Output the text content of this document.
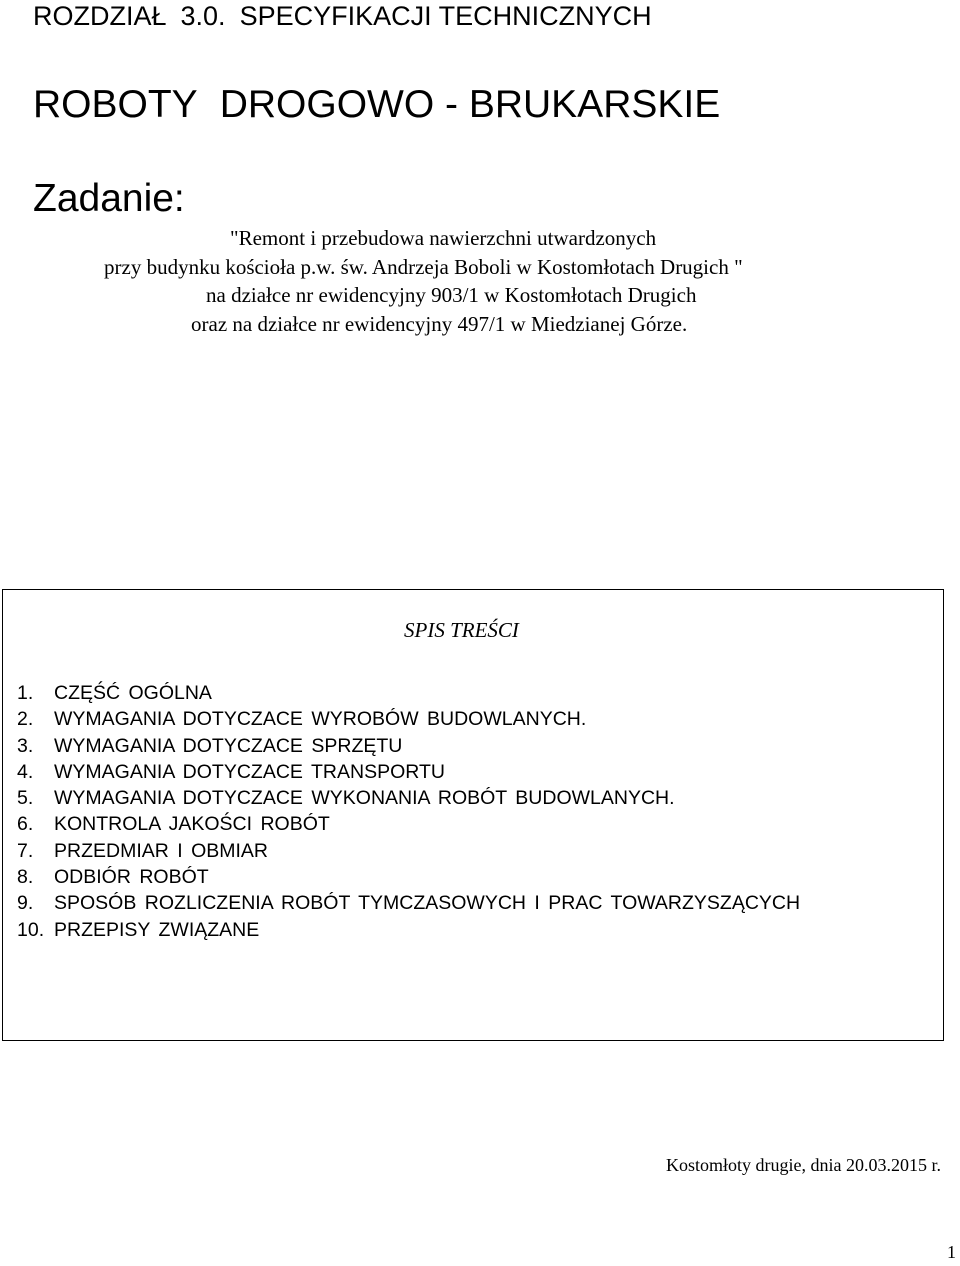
ROZDZIAŁ 3.0. SPECYFIKACJI TECHNICZNYCH
ROBOTY DROGOWO - BRUKARSKIE
Zadanie:
"Remont i przebudowa nawierzchni utwardzonych
przy budynku kościoła p.w. św. Andrzeja Boboli w Kostomłotach Drugich "
na działce nr ewidencyjny 903/1 w Kostomłotach Drugich
oraz na działce nr ewidencyjny 497/1 w Miedzianej Górze.
SPIS TREŚCI
1. CZĘŚĆ OGÓLNA
2. WYMAGANIA DOTYCZACE WYROBÓW BUDOWLANYCH.
3. WYMAGANIA DOTYCZACE SPRZĘTU
4. WYMAGANIA DOTYCZACE TRANSPORTU
5. WYMAGANIA DOTYCZACE WYKONANIA ROBÓT BUDOWLANYCH.
6. KONTROLA JAKOŚCI ROBÓT
7. PRZEDMIAR I OBMIAR
8. ODBIÓR ROBÓT
9. SPOSÓB ROZLICZENIA ROBÓT TYMCZASOWYCH I PRAC TOWARZYSZĄCYCH
10. PRZEPISY ZWIĄZANE
Kostomłoty drugie, dnia 20.03.2015 r.
1
